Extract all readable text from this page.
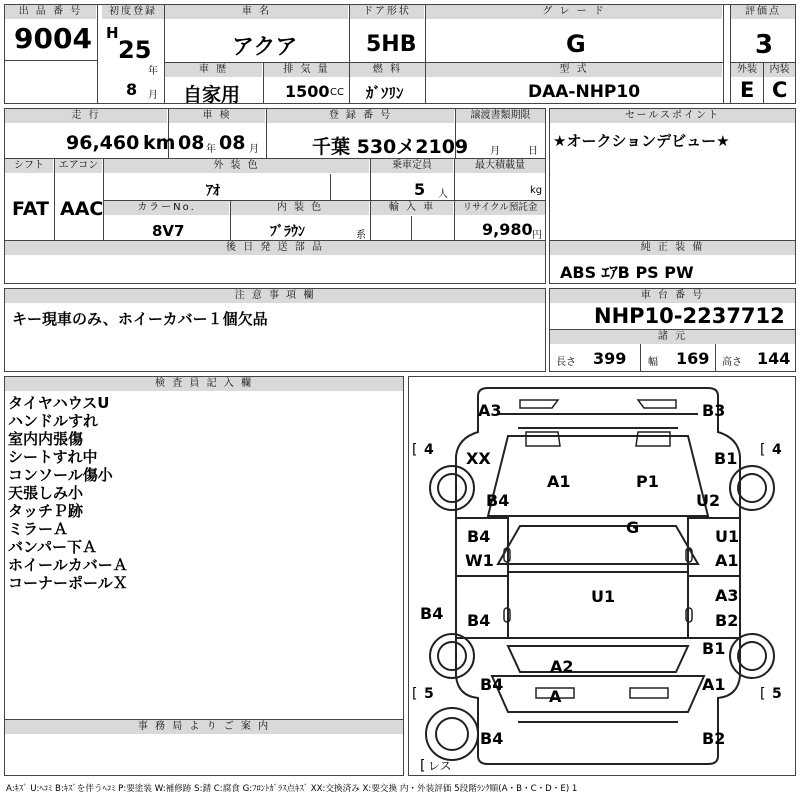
出 品 番 号	初度登録	車 名	ドア形状	グ レ ー ド	評価点
9004 H
25
年
アクア	5HB	G	3
車 歴	排 気 量	燃 料	型 式	外装	内装
8 月 自家用	1500 CC ｶﾞｿﾘﾝ	DAA-NHP10	E C
走 行	車 検	登 録 番 号	譲渡書類期限
96,460 km 08 年 08 月	千葉 530メ2109 月	日
シフト	エアコン	外 装 色	乗車定員	最大積載量
FAT AAC
ｱｵ	5 人	kg
カラーNo.	内 装 色	輸 入 車	リサイクル預託金
8V7	ﾌﾞﾗｳﾝ	系	9,980 円
後 日 発 送 部 品
セールスポイント
★オークションデビュー★
純 正 装 備
ABS ｴｱB PS PW
注 意 事 項 欄
キー現車のみ、ホイーカバー１個欠品
車 台 番 号
NHP10-2237712
諸 元
長さ 399 幅 169 高さ 144
検 査 員 記 入 欄
タイヤハウスU
ハンドルすれ
室内内張傷
シートすれ中
コンソール傷小
天張しみ小
タッチＰ跡
ミラーＡ
バンパー下Ａ
ホイールカバーＡ
コーナーポールＸ
事 務 局 よ り ご 案 内
A3	B3
XX	B1
A1	P1
B4	U2
G
B4	U1
W1	A1
B4
U1	A3
B4	B2
B1
A2
B4	A1
A
B4	B2
[ 4	[ 4
[ 5	[ 5
[ レス
A:ｷｽﾞ U:ﾍｺﾐ B:ｷｽﾞを伴うﾍｺﾐ P:要塗装 W:補修跡 S:錆 C:腐食 G:ﾌﾛﾝﾄｶﾞﾗｽ点ｷｽﾞ XX:交換済み X:要交換 内・外装評価 5段階ﾗﾝｸ順(A・B・C・D・E) 1
